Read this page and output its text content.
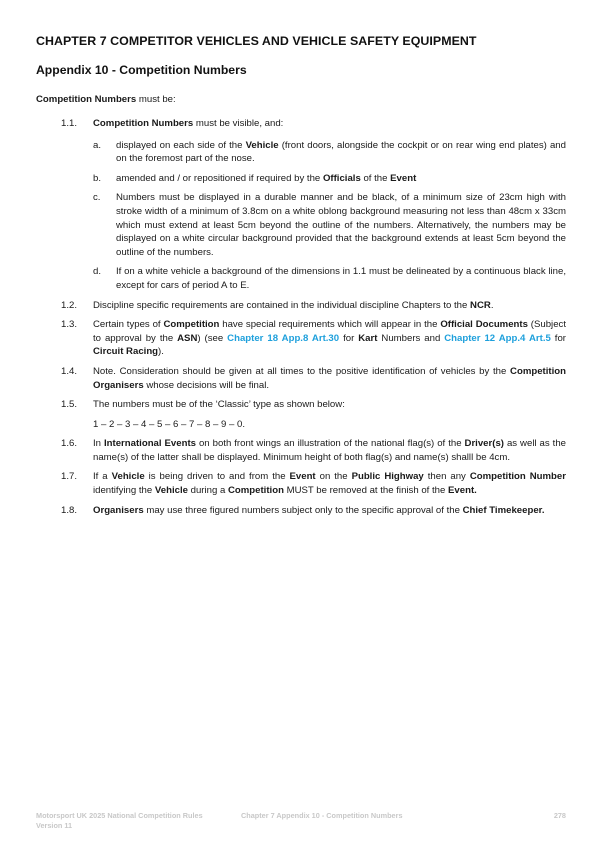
CHAPTER 7 COMPETITOR VEHICLES AND VEHICLE SAFETY EQUIPMENT
Appendix 10 - Competition Numbers

Competition Numbers must be:

1.1.	Competition Numbers must be visible, and:
a.	displayed on each side of the Vehicle (front doors, alongside the cockpit or on rear wing end plates) and on the foremost part of the nose.
b.	amended and / or repositioned if required by the Officials of the Event
c.	Numbers must be displayed in a durable manner and be black, of a minimum size of 23cm high with stroke width of a minimum of 3.8cm on a white oblong background measuring not less than 48cm x 33cm which must extend at least 5cm beyond the outline of the numbers. Alternatively, the numbers may be displayed on a white circular background provided that the background extends at least 5cm beyond the outline of the numbers.
d.	If on a white vehicle a background of the dimensions in 1.1 must be delineated by a continuous black line, except for cars of period A to E.
1.2.	Discipline specific requirements are contained in the individual discipline Chapters to the NCR.
1.3.	Certain types of Competition have special requirements which will appear in the Official Documents (Subject to approval by the ASN) (see Chapter 18 App.8 Art.30 for Kart Numbers and Chapter 12 App.4 Art.5 for Circuit Racing).
1.4.	Note. Consideration should be given at all times to the positive identification of vehicles by the Competition Organisers whose decisions will be final.
1.5.	The numbers must be of the ‘Classic’ type as shown below:
1 – 2 – 3 – 4 – 5 – 6 – 7 – 8 – 9 – 0.
1.6.	In International Events on both front wings an illustration of the national flag(s) of the Driver(s) as well as the name(s) of the latter shall be displayed. Minimum height of both flag(s) and name(s) shalll be 4cm.
1.7.	If a Vehicle is being driven to and from the Event on the Public Highway then any Competition Number identifying the Vehicle during a Competition MUST be removed at the finish of the Event.
1.8.	Organisers may use three figured numbers subject only to the specific approval of the Chief Timekeeper.
Motorsport UK 2025 National Competition Rules
Version 11
Chapter 7 Appendix 10 - Competition Numbers	278
